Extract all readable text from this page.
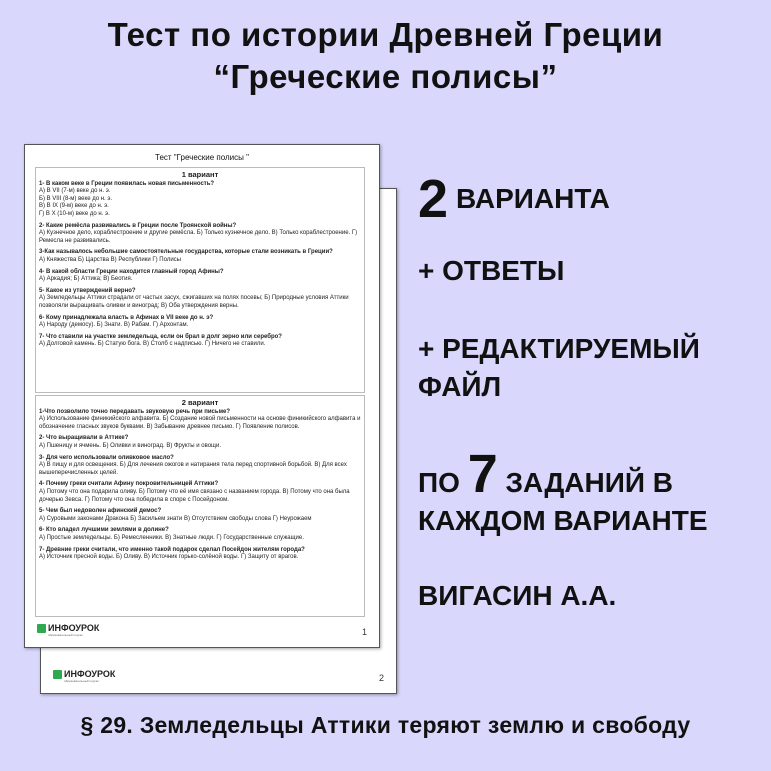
Тест по истории Древней Греции
“Греческие полисы”
ИНФОУРОК
образовательный портал	2
Тест "Греческие полисы "
1 вариант
1- В каком веке в Греции появилась новая письменность?
А) В VII (7-м) веке до н. э.
Б) В VIII (8-м) веке до н. э.
В) В IX (9-м) веке до н. э.
Г) В X (10-м) веке до н. э.
2- Какие ремёсла развивались в Греции после Троянской войны?
А) Кузнечное дело, кораблестроение и другие ремёсла. Б) Только кузнечное дело. В) Только кораблестроение. Г) Ремесла не развивались.
3-Как называлось небольшие самостоятельные государства, которые стали возникать в Греции?
А) Княжества Б) Царства В) Республики Г) Полисы
4- В какой области Греции находится главный город Афины?
А) Аркадия; Б) Аттика; В) Беотия.
5- Какое из утверждений верно?
А) Земледельцы Аттики страдали от частых засух, сжигавших на полях посевы; Б) Природные условия Аттики позволяли выращивать оливки и виноград; В) Оба утверждения верны.
6- Кому принадлежала власть в Афинах в VII веке до н. э?
А) Народу (демосу). Б) Знати. В) Рабам. Г) Архонтам.
7- Что ставили на участке земледельца, если он брал в долг зерно или серебро?
А) Долговой камень. Б) Статую бога. В) Столб с надписью. Г) Ничего не ставили.
2 вариант
1-Что позволило точно передавать звуковую речь при письме?
А) Использование финикийского алфавита. Б) Создание новой письменности на основе финикийского алфавита и обозначение гласных звуков буквами. В) Забывание древнее письмо. Г) Появление полисов.
2- Что выращивали в Аттике?
А) Пшеницу и ячмень. Б) Оливки и виноград. В) Фрукты и овощи.
3- Для чего использовали оливковое масло?
А) В пищу и для освещения. Б) Для лечения ожогов и натирания тела перед спортивной борьбой. В) Для всех вышеперечисленных целей.
4- Почему греки считали Афину покровительницей Аттики?
А) Потому что она подарила оливу. Б) Потому что её имя связано с названием города. В) Потому что она была дочерью Зевса. Г) Потому что она победила в споре с Посейдоном.
5- Чем был недоволен афинский демос?
А) Суровыми законами Дракона Б) Засильем знати В) Отсутствием свободы слова Г) Неурожаем
6- Кто владел лучшими землями в долине?
А) Простые земледельцы. Б) Ремесленники. В) Знатные люди. Г) Государственные служащие.
7- Древние греки считали, что именно такой подарок сделал Посейдон жителям города?
А) Источник пресной воды. Б) Оливу. В) Источник горько-солёной воды. Г) Защиту от врагов.
ИНФОУРОК
образовательный портал	1
2 ВАРИАНТА
+ ОТВЕТЫ
+ РЕДАКТИРУЕМЫЙ
ФАЙЛ
ПО 7 ЗАДАНИЙ В
КАЖДОМ ВАРИАНТЕ
ВИГАСИН А.А.
§ 29. Земледельцы Аттики теряют землю и свободу
